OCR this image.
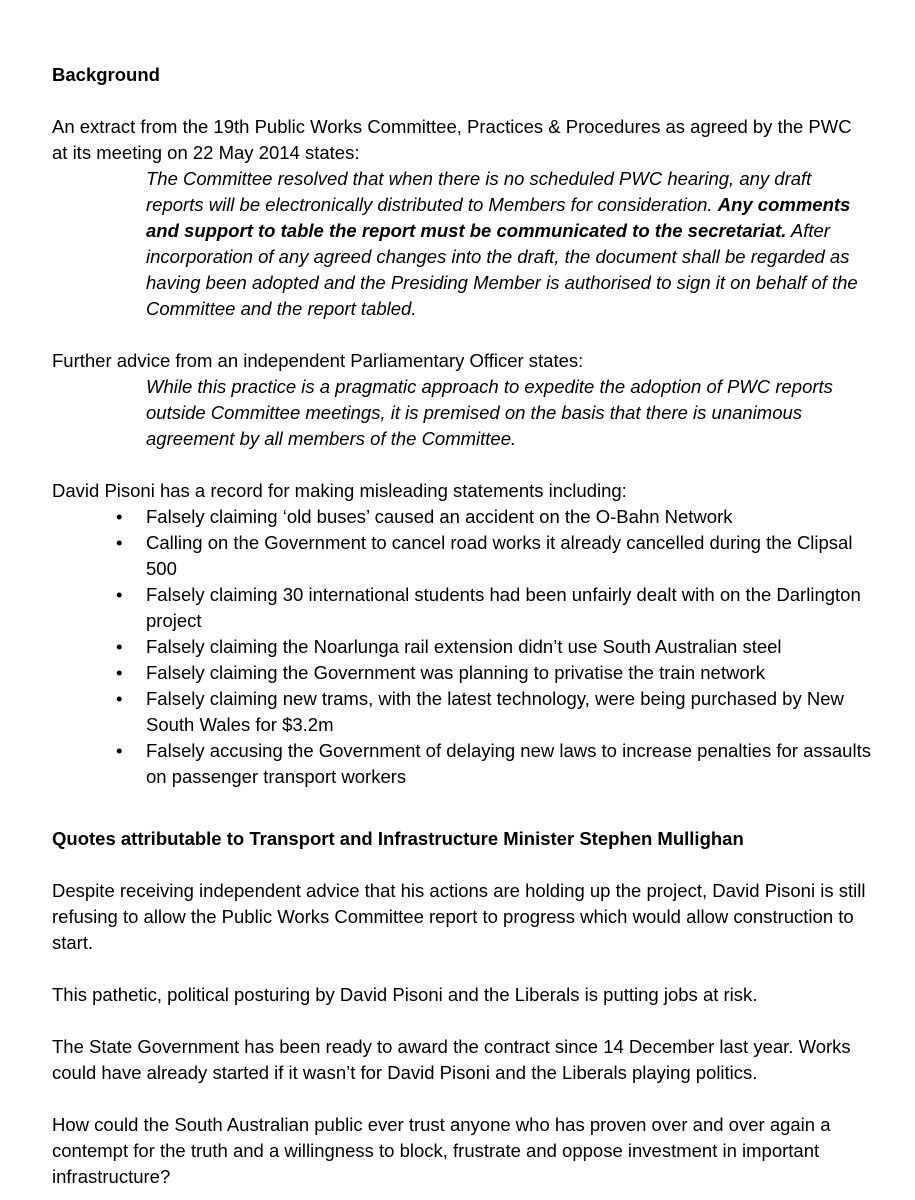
Background

An extract from the 19th Public Works Committee, Practices & Procedures as agreed by the PWC at its meeting on 22 May 2014 states:

The Committee resolved that when there is no scheduled PWC hearing, any draft reports will be electronically distributed to Members for consideration. Any comments and support to table the report must be communicated to the secretariat. After incorporation of any agreed changes into the draft, the document shall be regarded as having been adopted and the Presiding Member is authorised to sign it on behalf of the Committee and the report tabled.

Further advice from an independent Parliamentary Officer states:

While this practice is a pragmatic approach to expedite the adoption of PWC reports outside Committee meetings, it is premised on the basis that there is unanimous agreement by all members of the Committee.

David Pisoni has a record for making misleading statements including:

• Falsely claiming ‘old buses’ caused an accident on the O-Bahn Network
• Calling on the Government to cancel road works it already cancelled during the Clipsal 500
• Falsely claiming 30 international students had been unfairly dealt with on the Darlington project
• Falsely claiming the Noarlunga rail extension didn’t use South Australian steel
• Falsely claiming the Government was planning to privatise the train network
• Falsely claiming new trams, with the latest technology, were being purchased by New South Wales for $3.2m
• Falsely accusing the Government of delaying new laws to increase penalties for assaults on passenger transport workers
Quotes attributable to Transport and Infrastructure Minister Stephen Mullighan

Despite receiving independent advice that his actions are holding up the project, David Pisoni is still refusing to allow the Public Works Committee report to progress which would allow construction to start.

This pathetic, political posturing by David Pisoni and the Liberals is putting jobs at risk.

The State Government has been ready to award the contract since 14 December last year. Works could have already started if it wasn’t for David Pisoni and the Liberals playing politics.

How could the South Australian public ever trust anyone who has proven over and over again a contempt for the truth and a willingness to block, frustrate and oppose investment in important infrastructure?
